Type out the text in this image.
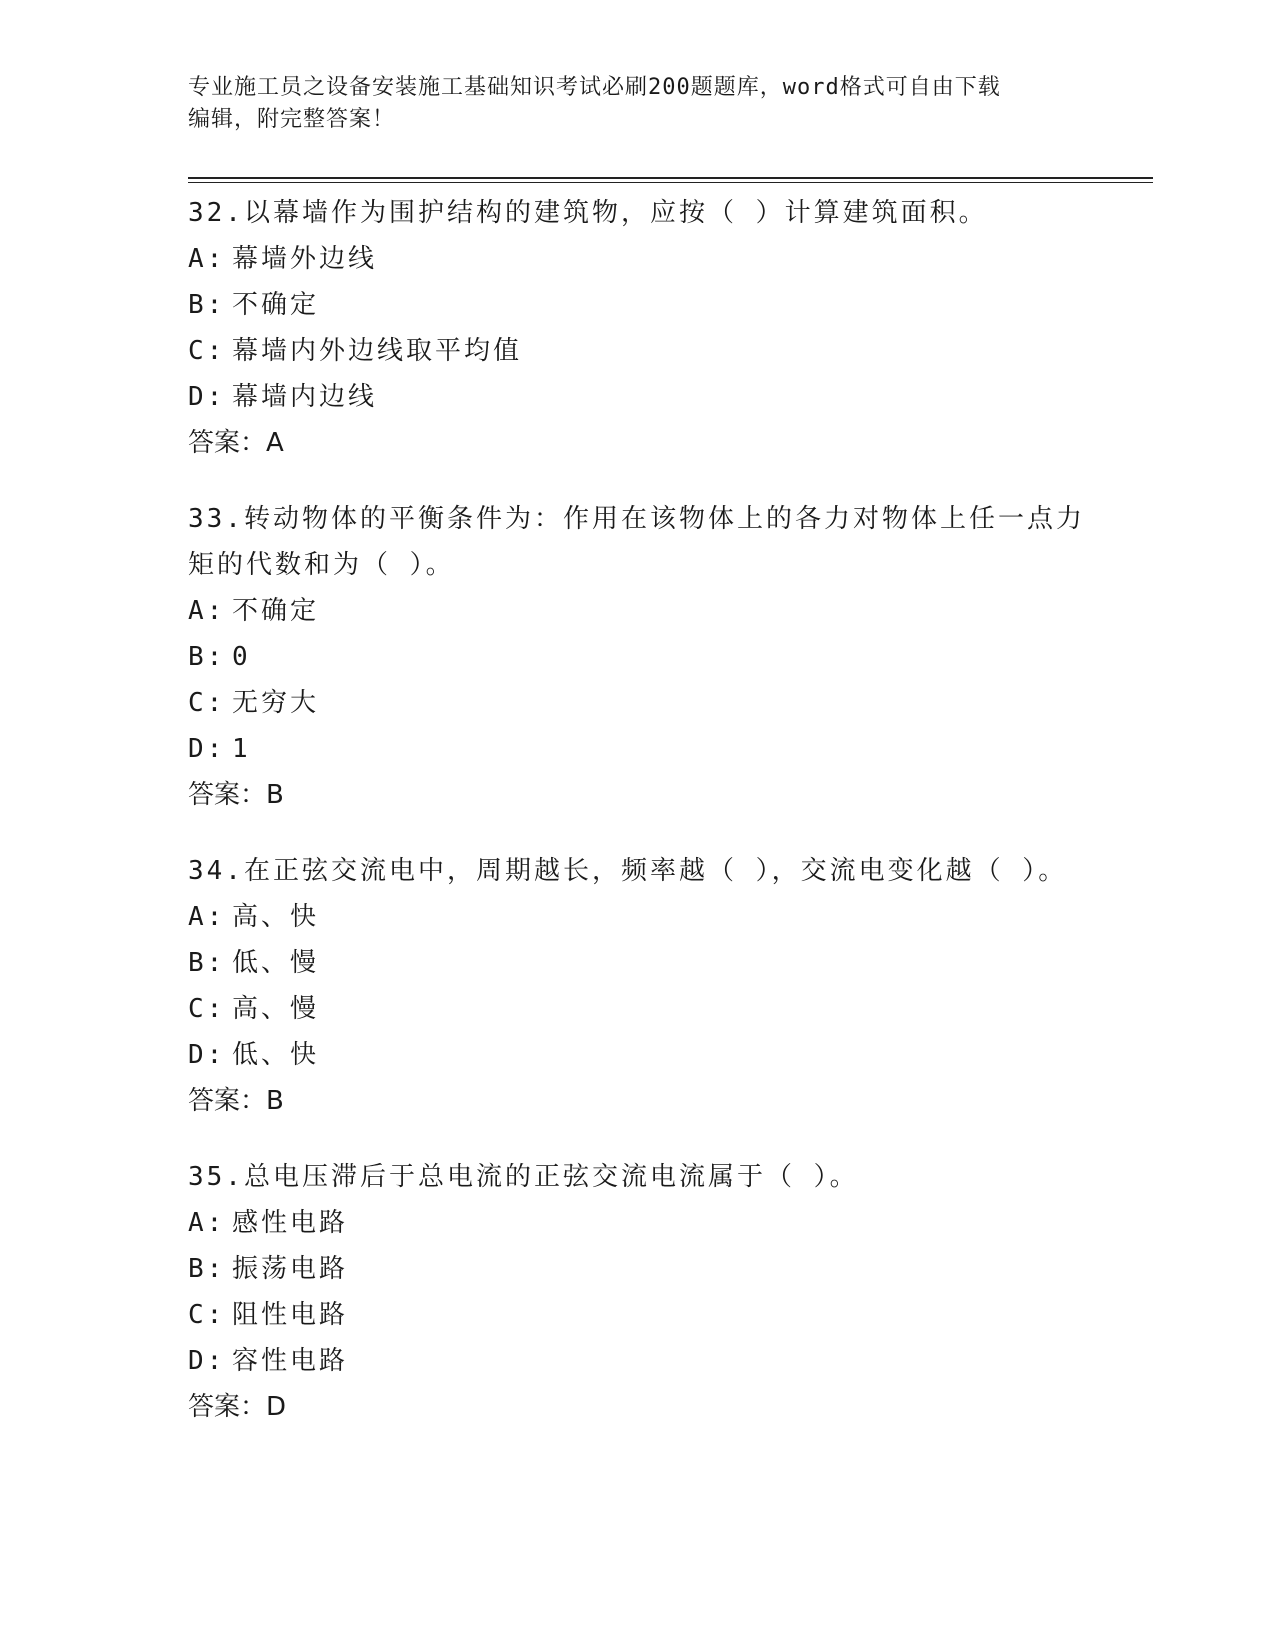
专业施工员之设备安装施工基础知识考试必刷200题题库，word格式可自由下载
编辑，附完整答案！
32.以幕墙作为围护结构的建筑物，应按（ ）计算建筑面积。
A: 幕墙外边线
B: 不确定
C: 幕墙内外边线取平均值
D: 幕墙内边线
答案：A
33.转动物体的平衡条件为：作用在该物体上的各力对物体上任一点力矩的代数和为（ ）。
A: 不确定
B: 0
C: 无穷大
D: 1
答案：B
34.在正弦交流电中，周期越长，频率越（ ），交流电变化越（ ）。
A: 高、快
B: 低、慢
C: 高、慢
D: 低、快
答案：B
35.总电压滞后于总电流的正弦交流电流属于（ ）。
A: 感性电路
B: 振荡电路
C: 阻性电路
D: 容性电路
答案：D
